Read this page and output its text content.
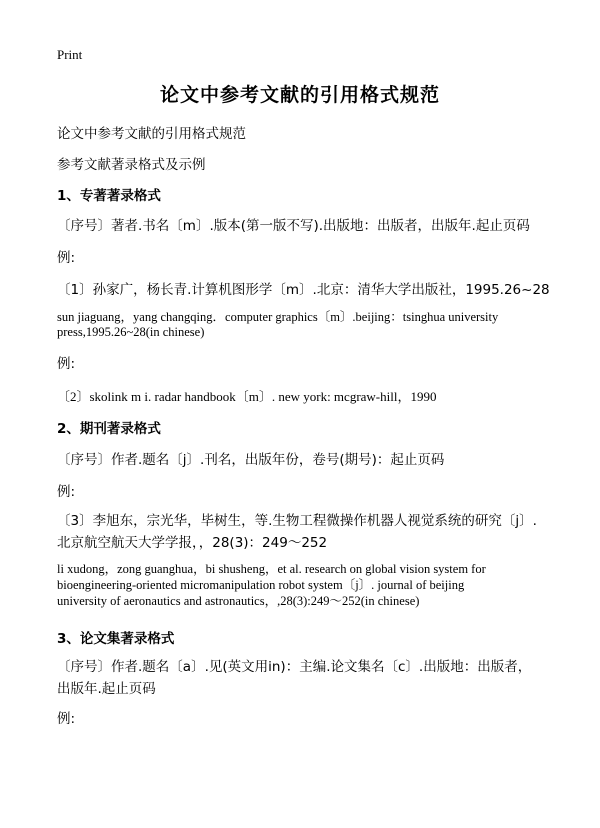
Print
论文中参考文献的引用格式规范
论文中参考文献的引用格式规范
参考文献著录格式及示例
1、专著著录格式
〔序号〕著者.书名〔m〕.版本(第一版不写).出版地：出版者，出版年.起止页码
例:
〔1〕孙家广，杨长青.计算机图形学〔m〕.北京：清华大学出版社，1995.26~28
sun jiaguang，yang changqing．computer graphics〔m〕.beijing：tsinghua university press,1995.26~28(in chinese)
例:
〔2〕skolink m i. radar handbook〔m〕. new york: mcgraw-hill，1990
2、期刊著录格式
〔序号〕作者.题名〔j〕.刊名，出版年份，卷号(期号)：起止页码
例:
〔3〕李旭东，宗光华，毕树生，等.生物工程微操作机器人视觉系统的研究〔j〕.北京航空航天大学学报，，28(3)：249～252
li xudong，zong guanghua，bi shusheng，et al. research on global vision system for bioengineering-oriented micromanipulation robot system〔j〕. journal of beijing university of aeronautics and astronautics，,28(3):249～252(in chinese)
3、论文集著录格式
〔序号〕作者.题名〔a〕.见(英文用in)：主编.论文集名〔c〕.出版地：出版者，出版年.起止页码
例:
